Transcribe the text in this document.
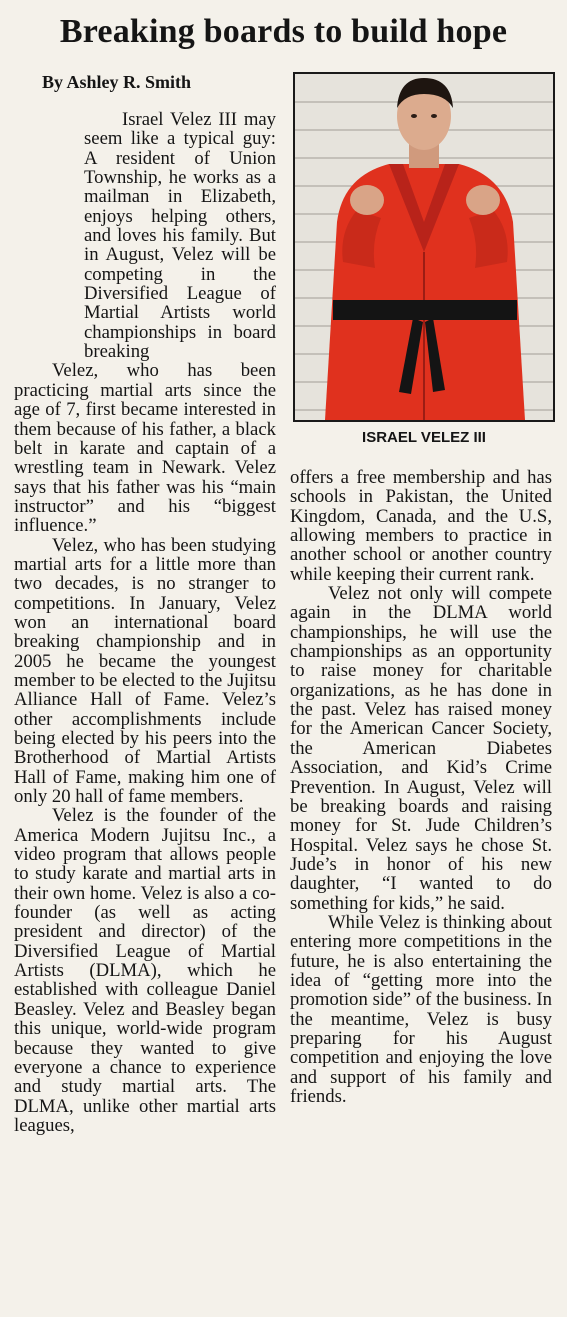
Breaking boards to build hope
By Ashley R. Smith

Israel Velez III may seem like a typical guy: A resident of Union Township, he works as a mailman in Elizabeth, enjoys helping others, and loves his family. But in August, Velez will be competing in the Diversified League of Martial Artists world championships in board breaking

Velez, who has been practicing martial arts since the age of 7, first became interested in them because of his father, a black belt in karate and captain of a wrestling team in Newark. Velez says that his father was his “main instructor” and his “biggest influence.”

Velez, who has been studying martial arts for a little more than two decades, is no stranger to competitions. In January, Velez won an international board breaking championship and in 2005 he became the youngest member to be elected to the Jujitsu Alliance Hall of Fame. Velez’s other accomplishments include being elected by his peers into the Brotherhood of Martial Artists Hall of Fame, making him one of only 20 hall of fame members.

Velez is the founder of the America Modern Jujitsu Inc., a video program that allows people to study karate and martial arts in their own home. Velez is also a co-founder (as well as acting president and director) of the Diversified League of Martial Artists (DLMA), which he established with colleague Daniel Beasley. Velez and Beasley began this unique, world-wide program because they wanted to give everyone a chance to experience and study martial arts. The DLMA, unlike other martial arts leagues,

ISRAEL VELEZ III

offers a free membership and has schools in Pakistan, the United Kingdom, Canada, and the U.S, allowing members to practice in another school or another country while keeping their current rank.

Velez not only will compete again in the DLMA world championships, he will use the championships as an opportunity to raise money for charitable organizations, as he has done in the past. Velez has raised money for the American Cancer Society, the American Diabetes Association, and Kid’s Crime Prevention. In August, Velez will be breaking boards and raising money for St. Jude Children’s Hospital. Velez says he chose St. Jude’s in honor of his new daughter, “I wanted to do something for kids,” he said.

While Velez is thinking about entering more competitions in the future, he is also entertaining the idea of “getting more into the promotion side” of the business. In the meantime, Velez is busy preparing for his August competition and enjoying the love and support of his family and friends.
